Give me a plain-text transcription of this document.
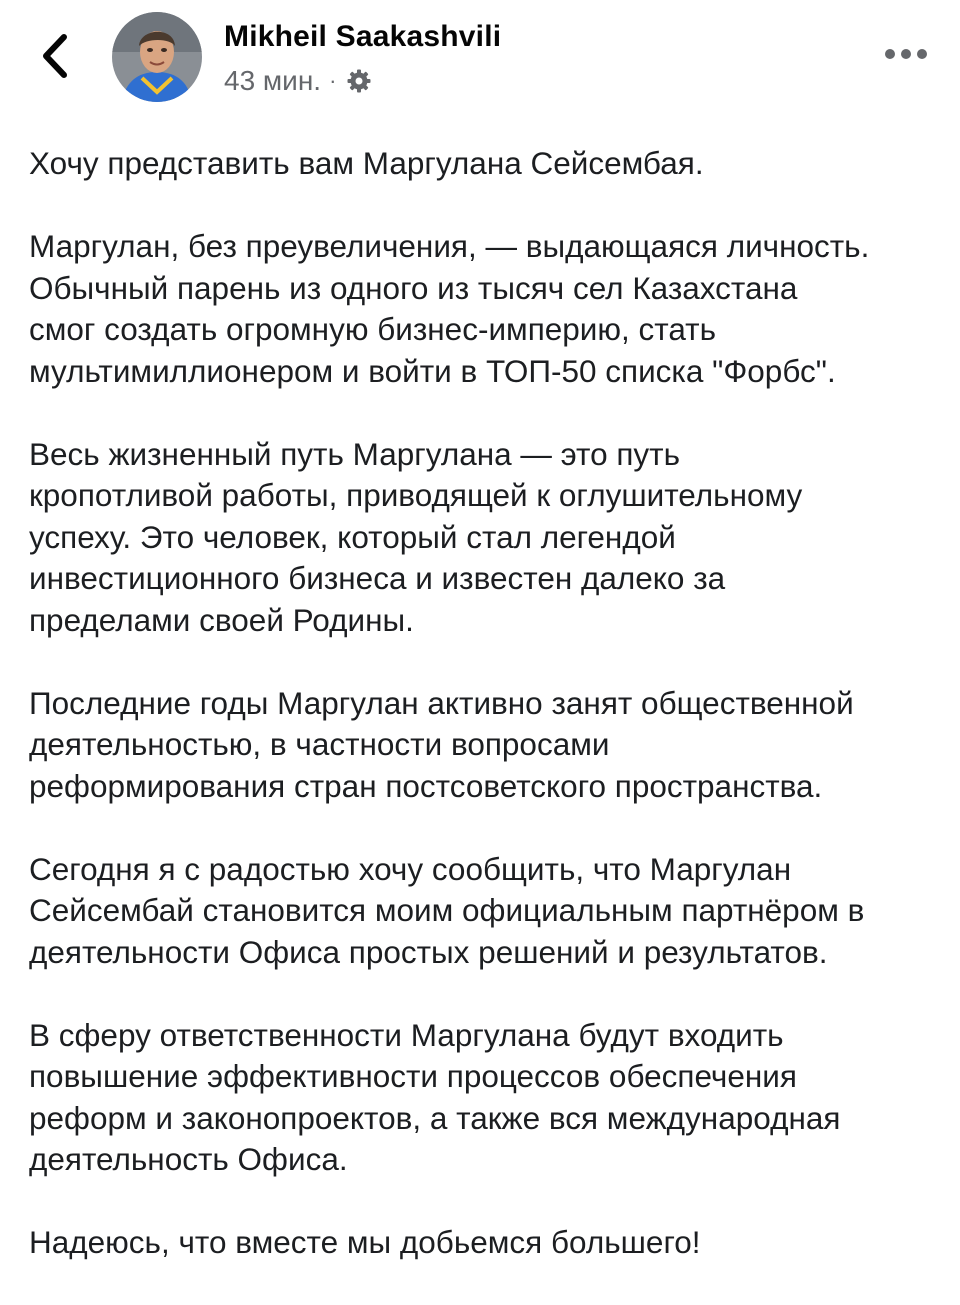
Mikheil Saakashvili
43 мин. ·

Хочу представить вам Маргулана Сейсембая.

Маргулан, без преувеличения, — выдающаяся личность.
Обычный парень из одного из тысяч сел Казахстана
смог создать огромную бизнес-империю, стать
мультимиллионером и войти в ТОП-50 списка "Форбс".

Весь жизненный путь Маргулана — это путь
кропотливой работы, приводящей к оглушительному
успеху. Это человек, который стал легендой
инвестиционного бизнеса и известен далеко за
пределами своей Родины.

Последние годы Маргулан активно занят общественной
деятельностью, в частности вопросами
реформирования стран постсоветского пространства.

Сегодня я с радостью хочу сообщить, что Маргулан
Сейсембай становится моим официальным партнёром в
деятельности Офиса простых решений и результатов.

В сферу ответственности Маргулана будут входить
повышение эффективности процессов обеспечения
реформ и законопроектов, а также вся международная
деятельность Офиса.

Надеюсь, что вместе мы добьемся большего!
